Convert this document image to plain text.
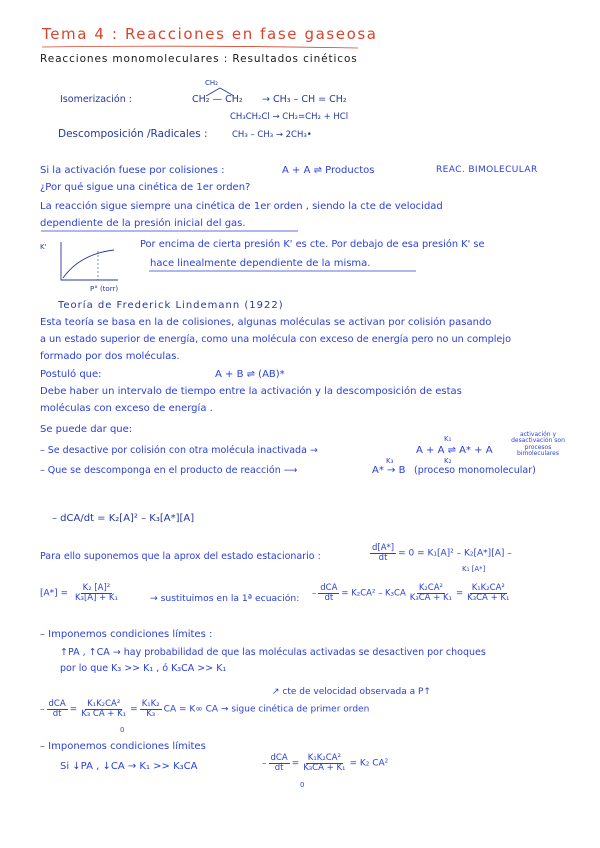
Tema 4 : Reacciones en fase gaseosa
Reacciones monomoleculares : Resultados cinéticos
CH₂
Isomerización :	CH₂ — CH₂ → CH₃ – CH = CH₂
CH₃CH₂Cl → CH₂=CH₂ + HCl
Descomposición /Radicales :	CH₃ – CH₃ → 2CH₃•
Si la activación fuese por colisiones :	A + A ⇌ Productos	REAC. BIMOLECULAR
¿Por qué sigue una cinética de 1er orden?
La reacción sigue siempre una cinética de 1er orden , siendo la cte de velocidad
dependiente de la presión inicial del gas.
K'
P° (torr)
Por encima de cierta presión K' es cte. Por debajo de esa presión K' se
hace linealmente dependiente de la misma.
Teoría de Frederick Lindemann (1922)
Esta teoría se basa en la de colisiones, algunas moléculas se activan por colisión pasando
a un estado superior de energía, como una molécula con exceso de energía pero no un complejo
formado por dos moléculas.
Postuló que:	A + B ⇌ (AB)*
Debe haber un intervalo de tiempo entre la activación y la descomposición de estas
moléculas con exceso de energía .
Se puede dar que:
– Se desactive por colisión con otra molécula inactivada →	A + A ⇌ A* + A
K₁
K₂
activación y desactivación son procesos bimoleculares
– Que se descomponga en el producto de reacción ⟶	A* → B
K₃
(proceso monomolecular)
– dCA/dt = K₂[A]² – K₃[A*][A]
Para ello suponemos que la aprox del estado estacionario :	$\frac{d[A*]}{dt} = 0 = K_1[A]^2 - K_2[A*][A]$ –
K₁ [A*]
$[A*] = \frac{\text{K₂ [A]²}}{\text{K₃[A] + K₁}}$	→ sustituimos en la 1ª ecuación: – $\frac{\text{dCA}}{dt} = K_2CA^2 - K_3CA \frac{\text{K₂CA²}}{\text{K₃CA + K₁}} = \frac{\text{K₁K₂CA²}}{\text{K₃CA + K₁}}$
– Imponemos condiciones límites :
↑PA , ↑CA → hay probabilidad de que las moléculas activadas se desactiven por choques
por lo que K₃ >> K₁ , ó K₃CA >> K₁
↗ cte de velocidad observada a P↑
– $\frac{\text{dCA}}{dt} = \frac{\text{K₁K₂CA²}}{\text{K₃ CA + K₁}} = \frac{\text{K₁K₂}}{\text{K₃}}$ CA = K∞ CA → sigue cinética de primer orden
0
– Imponemos condiciones límites
Si ↓PA , ↓CA → K₁ >> K₃CA	– $\frac{\text{dCA}}{dt} = \frac{\text{K₁K₂CA²}}{\text{K₃CA + K₁}} = K_2$ CA²
0
